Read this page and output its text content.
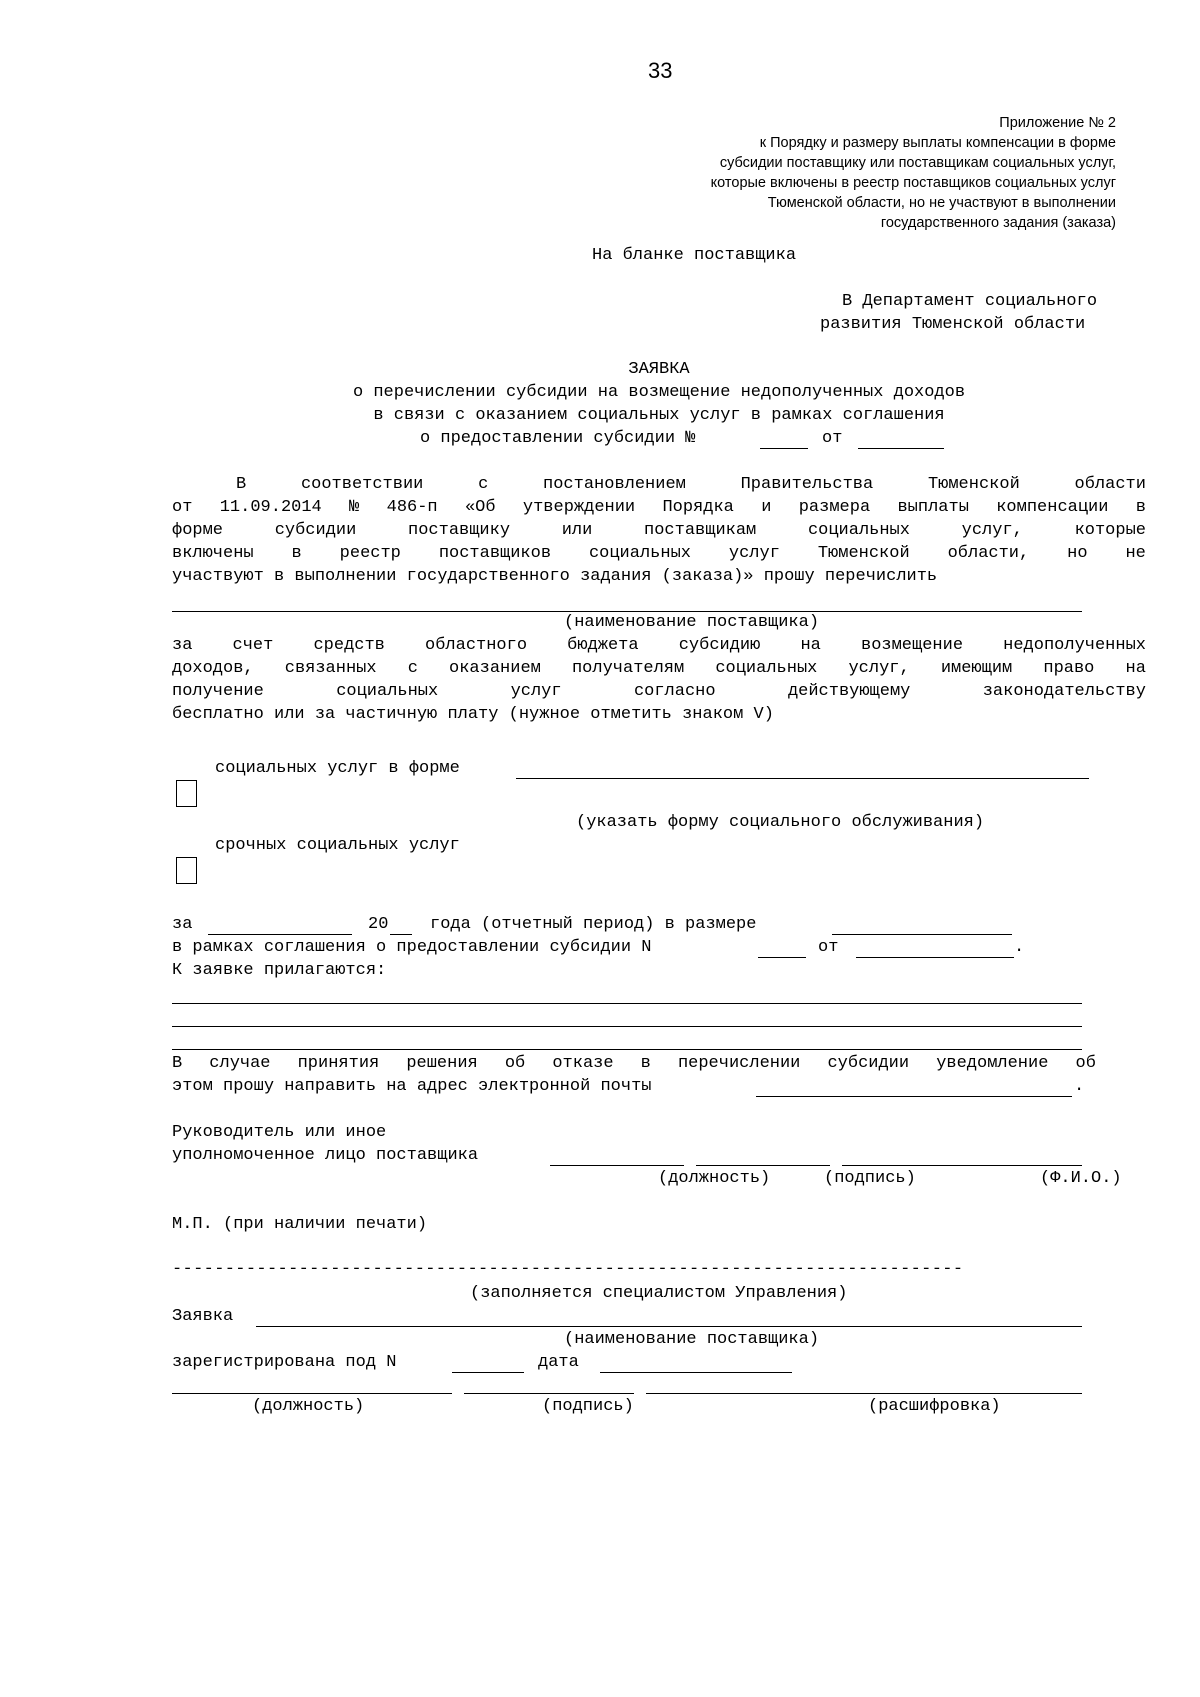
33
Приложение № 2
к Порядку и размеру выплаты компенсации в форме
субсидии поставщику или поставщикам социальных услуг,
которые включены в реестр поставщиков социальных услуг
Тюменской области, но не участвуют в выполнении
государственного задания (заказа)
На бланке поставщика
В Департамент социального
развития Тюменской области
ЗАЯВКА
о перечислении субсидии на возмещение недополученных доходов
в связи с оказанием социальных услуг в рамках соглашения
о предоставлении субсидии №	от
В	соответствии	с	постановлением	Правительства	Тюменской	области
от 11.09.2014 № 486-п «Об утверждении Порядка и размера выплаты компенсации в
форме	субсидии	поставщику	или	поставщикам	социальных	услуг,	которые
включены в реестр поставщиков социальных услуг Тюменской области, но не
участвуют в выполнении государственного задания (заказа)» прошу перечислить
(наименование поставщика)
за счет средств областного бюджета субсидию на возмещение недополученных
доходов, связанных с оказанием получателям социальных услуг, имеющим право на
получение	социальных	услуг	согласно	действующему	законодательству
бесплатно или за частичную плату (нужное отметить знаком V)
социальных услуг в форме
(указать форму социального обслуживания)
срочных социальных услуг
за	20 года (отчетный период) в размере
в рамках соглашения о предоставлении субсидии N	от	.
К заявке прилагаются:
В случае принятия решения об отказе в перечислении субсидии уведомление об
этом прошу направить на адрес электронной почты	.
Руководитель или иное
уполномоченное лицо поставщика
(должность)	(подпись)	(Ф.И.О.)
М.П. (при наличии печати)
---------------------------------------------------------------------------
(заполняется специалистом Управления)
Заявка
(наименование поставщика)
зарегистрирована под N	дата
(должность)	(подпись)	(расшифровка)
